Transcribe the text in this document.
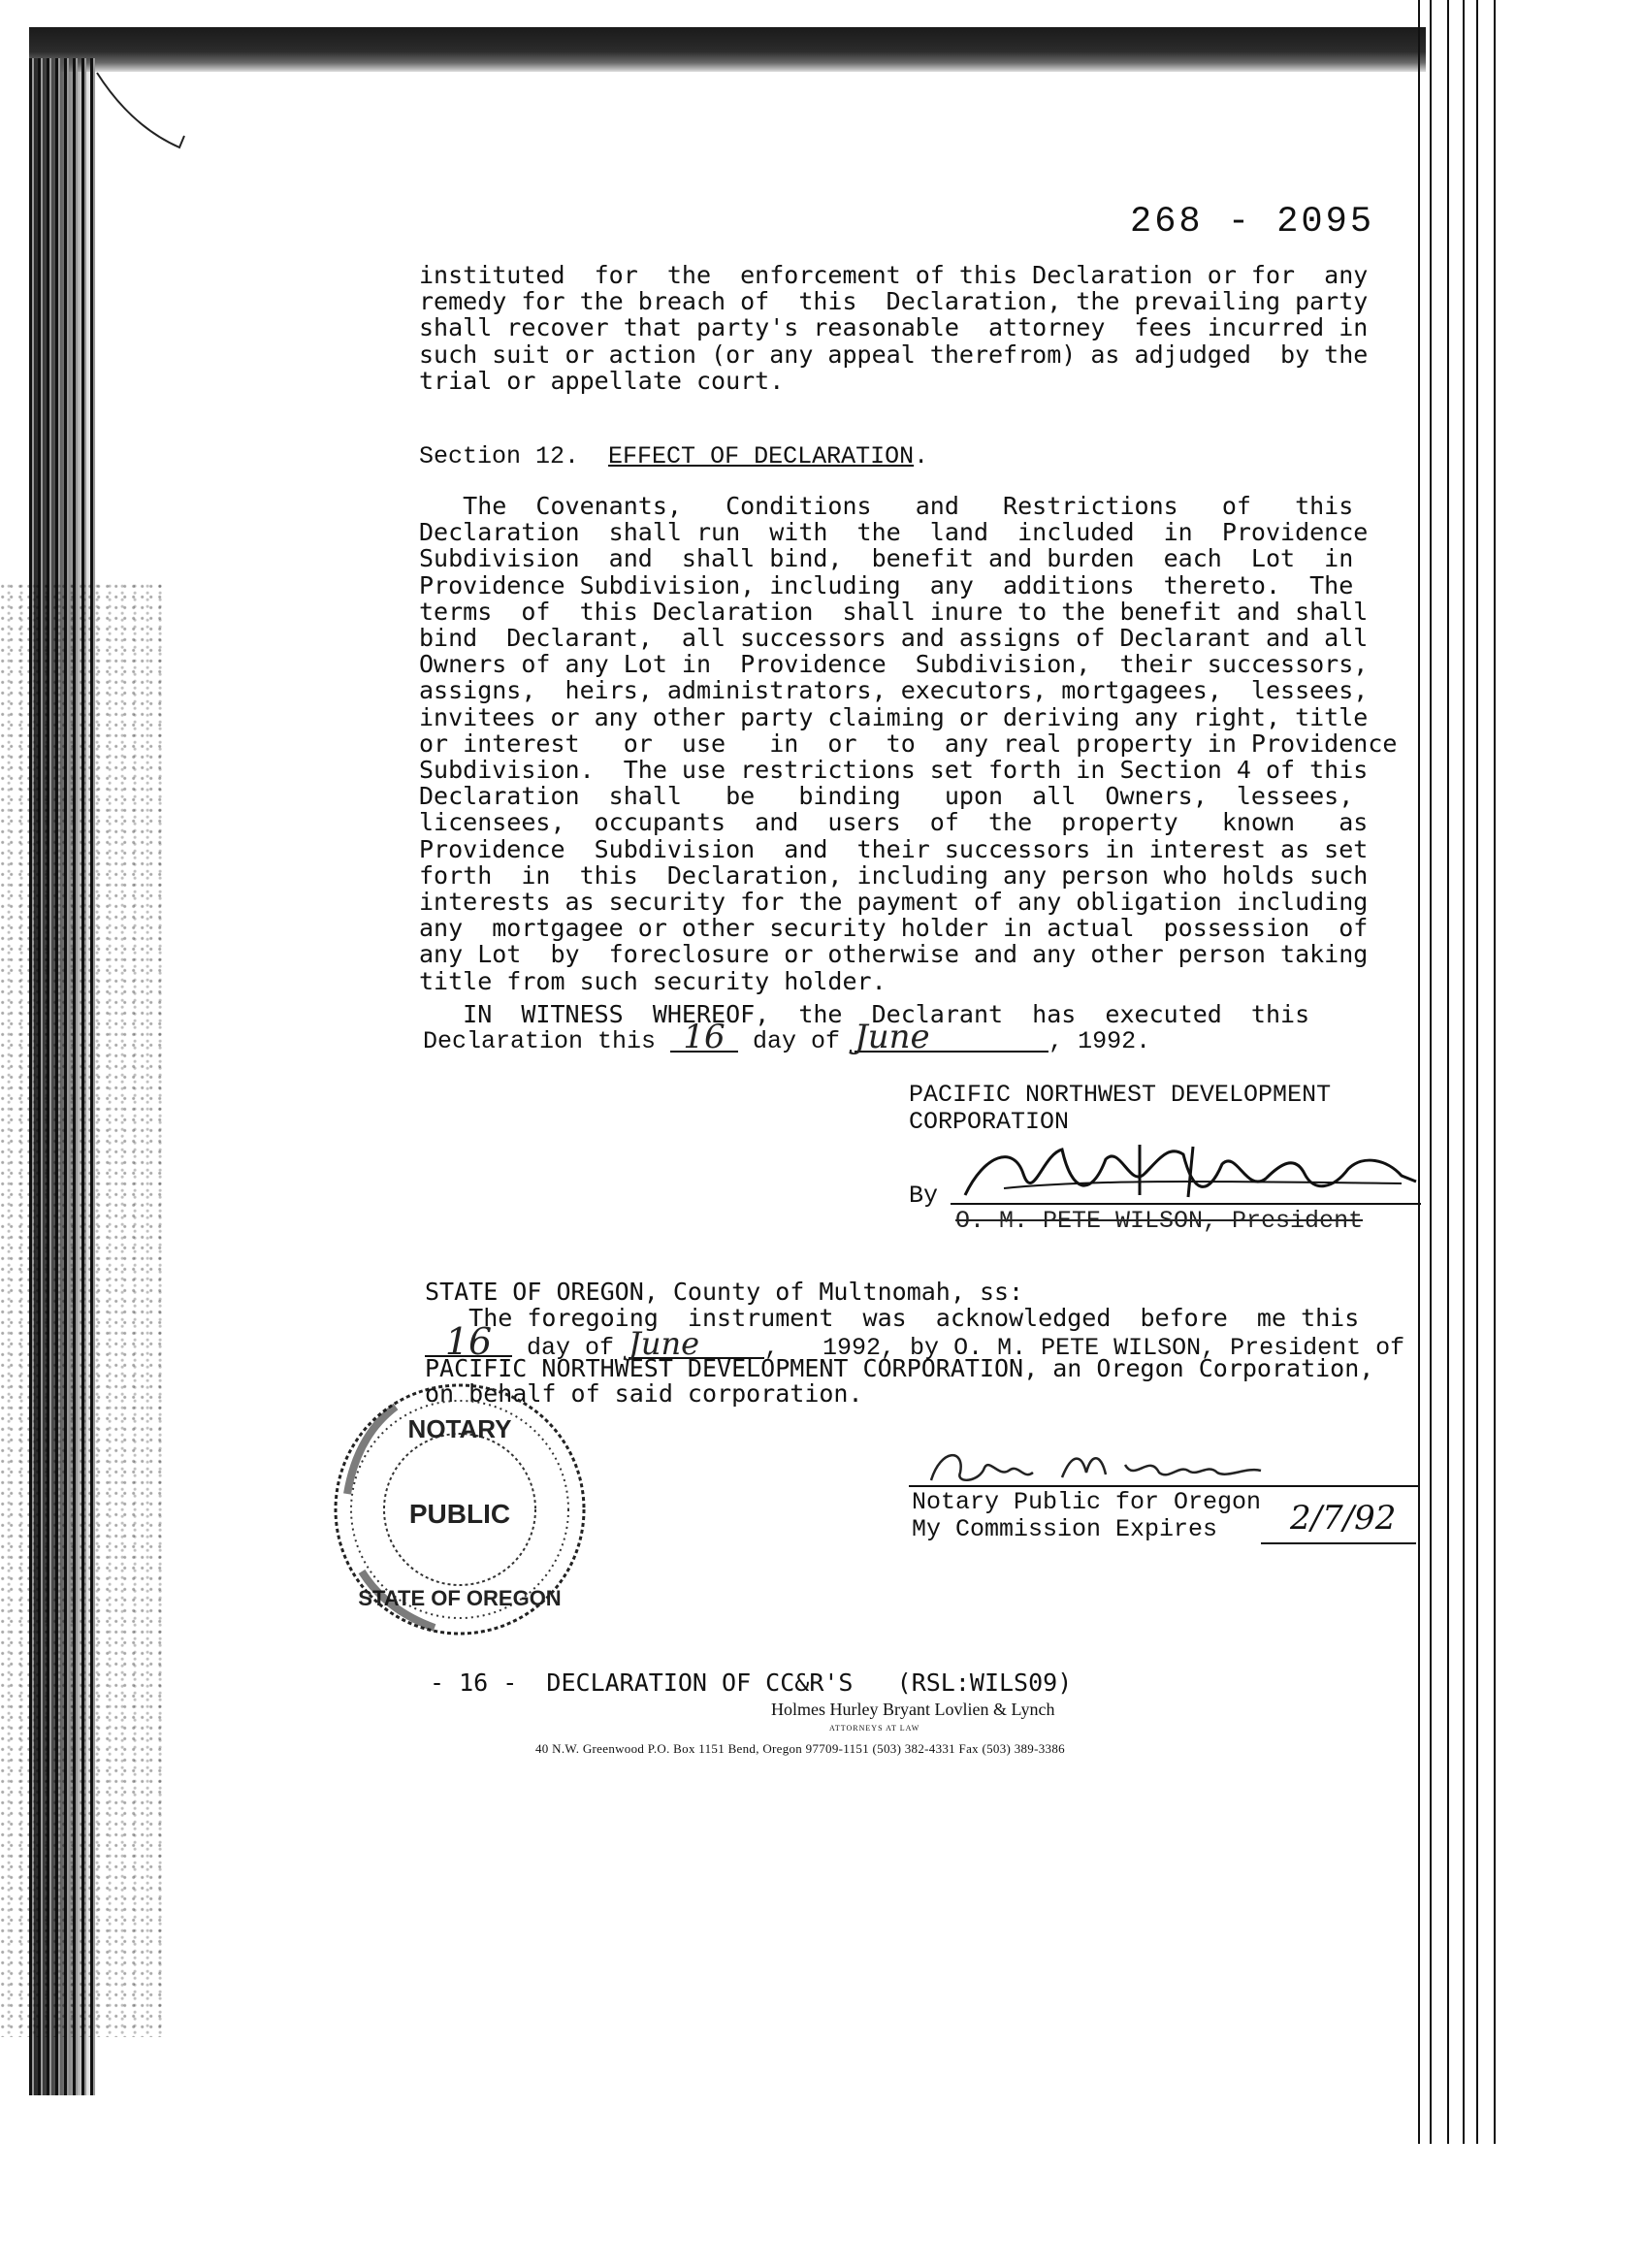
268 - 2095
instituted  for  the  enforcement of this Declaration or for  any
remedy for the breach of  this  Declaration, the prevailing party
shall recover that party's reasonable  attorney  fees incurred in
such suit or action (or any appeal therefrom) as adjudged  by the
trial or appellate court.
Section 12. EFFECT OF DECLARATION.
The  Covenants,   Conditions   and   Restrictions   of   this
Declaration  shall run  with  the  land  included  in  Providence
Subdivision  and  shall bind,  benefit and burden  each  Lot  in
Providence Subdivision, including  any  additions  thereto.  The
terms  of  this Declaration  shall inure to the benefit and shall
bind  Declarant,  all successors and assigns of Declarant and all
Owners of any Lot in  Providence  Subdivision,  their successors,
assigns,  heirs, administrators, executors, mortgagees,  lessees,
invitees or any other party claiming or deriving any right, title
or interest   or  use   in  or  to  any real property in Providence
Subdivision.  The use restrictions set forth in Section 4 of this
Declaration  shall   be   binding   upon  all  Owners,  lessees,
licensees,  occupants  and  users  of  the  property   known   as
Providence  Subdivision  and  their successors in interest as set
forth  in  this  Declaration, including any person who holds such
interests as security for the payment of any obligation including
any  mortgagee or other security holder in actual  possession  of
any Lot  by  foreclosure or otherwise and any other person taking
title from such security holder.
IN  WITNESS  WHEREOF,  the  Declarant  has  executed  this
Declaration this 16 day of June	, 1992.
PACIFIC NORTHWEST DEVELOPMENT
CORPORATION
By
O. M. PETE WILSON, President
STATE OF OREGON, County of Multnomah, ss:
The foregoing  instrument  was  acknowledged  before  me this
16 day of June	,   1992, by O. M. PETE WILSON, President of
PACIFIC NORTHWEST DEVELOPMENT CORPORATION, an Oregon Corporation,
on behalf of said corporation.
NOTARY
PUBLIC
STATE OF OREGON
Notary Public for Oregon
My Commission Expires	2/7/92
- 16 -  DECLARATION OF CC&R'S   (RSL:WILS09)
Holmes Hurley Bryant Lovlien & Lynch
ATTORNEYS AT LAW
40 N.W. Greenwood P.O. Box 1151 Bend, Oregon 97709-1151 (503) 382-4331 Fax (503) 389-3386
